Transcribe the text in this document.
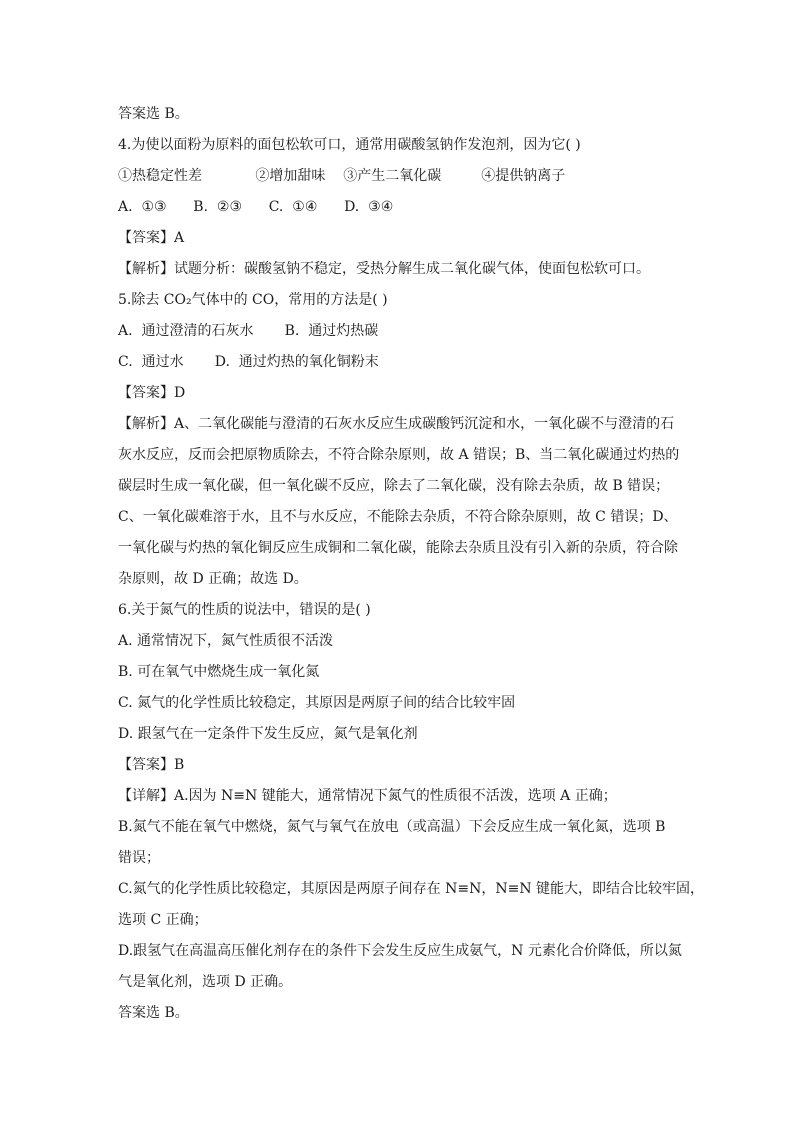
答案选 B。
4.为使以面粉为原料的面包松软可口，通常用碳酸氢钠作发泡剂，因为它( )
①热稳定性差            ②增加甜味    ③产生二氧化碳         ④提供钠离子
A.  ①③      B.  ②③      C.  ①④      D.  ③④
【答案】A
【解析】试题分析：碳酸氢钠不稳定，受热分解生成二氧化碳气体，使面包松软可口。
5.除去 CO₂气体中的 CO，常用的方法是( )
A.  通过澄清的石灰水       B.  通过灼热碳
C.  通过水       D.  通过灼热的氧化铜粉末
【答案】D
【解析】A、二氧化碳能与澄清的石灰水反应生成碳酸钙沉淀和水，一氧化碳不与澄清的石
灰水反应，反而会把原物质除去，不符合除杂原则，故 A 错误；B、当二氧化碳通过灼热的
碳层时生成一氧化碳，但一氧化碳不反应，除去了二氧化碳，没有除去杂质，故 B 错误；
C、一氧化碳难溶于水，且不与水反应，不能除去杂质，不符合除杂原则，故 C 错误；D、
一氧化碳与灼热的氧化铜反应生成铜和二氧化碳，能除去杂质且没有引入新的杂质，符合除
杂原则，故 D 正确；故选 D。
6.关于氮气的性质的说法中，错误的是( )
A. 通常情况下，氮气性质很不活泼
B. 可在氧气中燃烧生成一氧化氮
C. 氮气的化学性质比较稳定，其原因是两原子间的结合比较牢固
D. 跟氢气在一定条件下发生反应，氮气是氧化剂
【答案】B
【详解】A.因为 N≡N 键能大，通常情况下氮气的性质很不活泼，选项 A 正确；
B.氮气不能在氧气中燃烧，氮气与氧气在放电（或高温）下会反应生成一氧化氮，选项 B
错误；
C.氮气的化学性质比较稳定，其原因是两原子间存在 N≡N，N≡N 键能大，即结合比较牢固，
选项 C 正确；
D.跟氢气在高温高压催化剂存在的条件下会发生反应生成氨气，N 元素化合价降低，所以氮
气是氧化剂，选项 D 正确。
答案选 B。
